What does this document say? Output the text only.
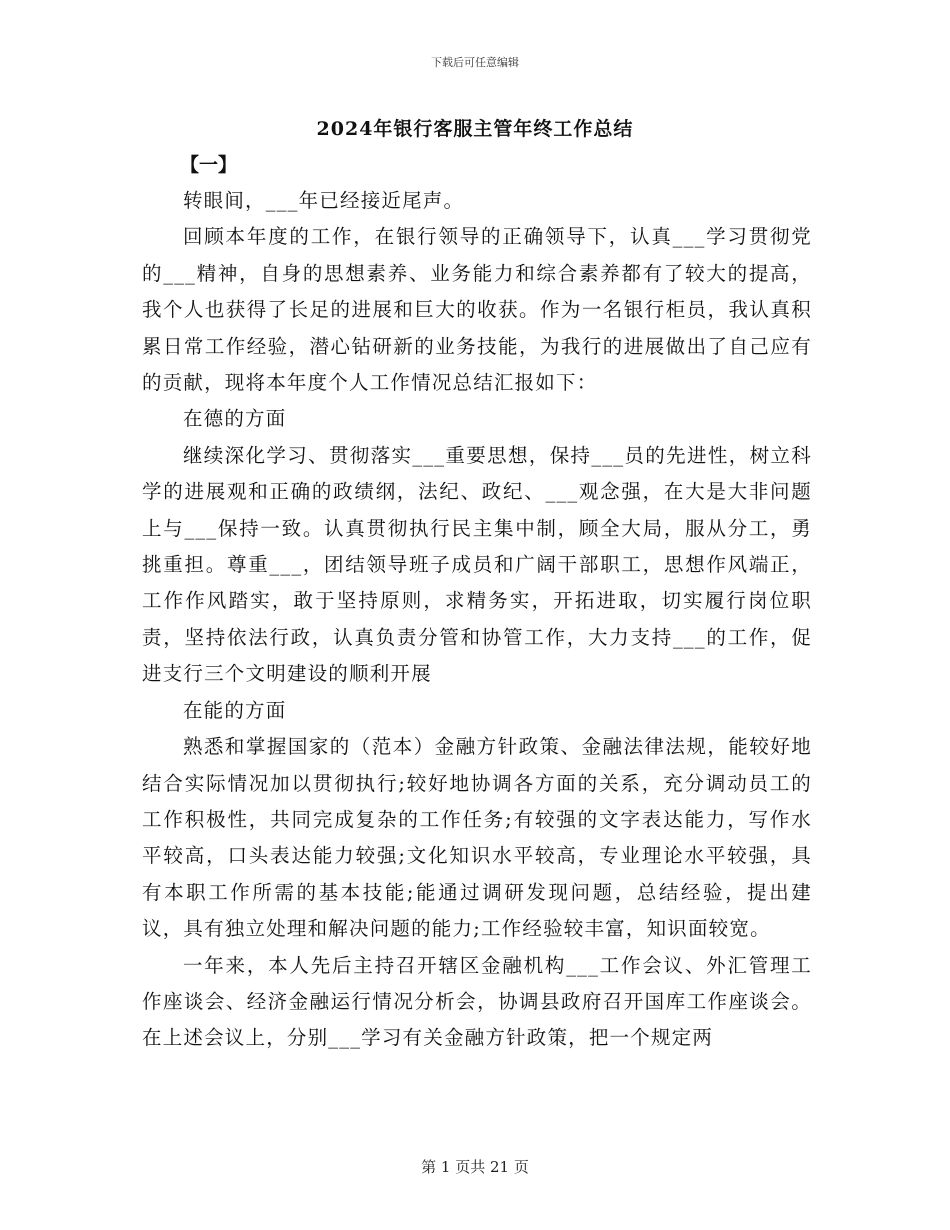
下载后可任意编辑
2024年银行客服主管年终工作总结
【一】

转眼间，___年已经接近尾声。

回顾本年度的工作，在银行领导的正确领导下，认真___学习贯彻党的___精神，自身的思想素养、业务能力和综合素养都有了较大的提高，我个人也获得了长足的进展和巨大的收获。作为一名银行柜员，我认真积累日常工作经验，潜心钻研新的业务技能，为我行的进展做出了自己应有的贡献，现将本年度个人工作情况总结汇报如下：

在德的方面

继续深化学习、贯彻落实___重要思想，保持___员的先进性，树立科学的进展观和正确的政绩纲，法纪、政纪、___观念强，在大是大非问题上与___保持一致。认真贯彻执行民主集中制，顾全大局，服从分工，勇挑重担。尊重___，团结领导班子成员和广阔干部职工，思想作风端正，工作作风踏实，敢于坚持原则，求精务实，开拓进取，切实履行岗位职责，坚持依法行政，认真负责分管和协管工作，大力支持___的工作，促进支行三个文明建设的顺利开展

在能的方面

熟悉和掌握国家的（范本）金融方针政策、金融法律法规，能较好地结合实际情况加以贯彻执行;较好地协调各方面的关系，充分调动员工的工作积极性，共同完成复杂的工作任务;有较强的文字表达能力，写作水平较高，口头表达能力较强;文化知识水平较高，专业理论水平较强，具有本职工作所需的基本技能;能通过调研发现问题，总结经验，提出建议，具有独立处理和解决问题的能力;工作经验较丰富，知识面较宽。

一年来，本人先后主持召开辖区金融机构___工作会议、外汇管理工作座谈会、经济金融运行情况分析会，协调县政府召开国库工作座谈会。在上述会议上，分别___学习有关金融方针政策，把一个规定两

第 1 页共 21 页
